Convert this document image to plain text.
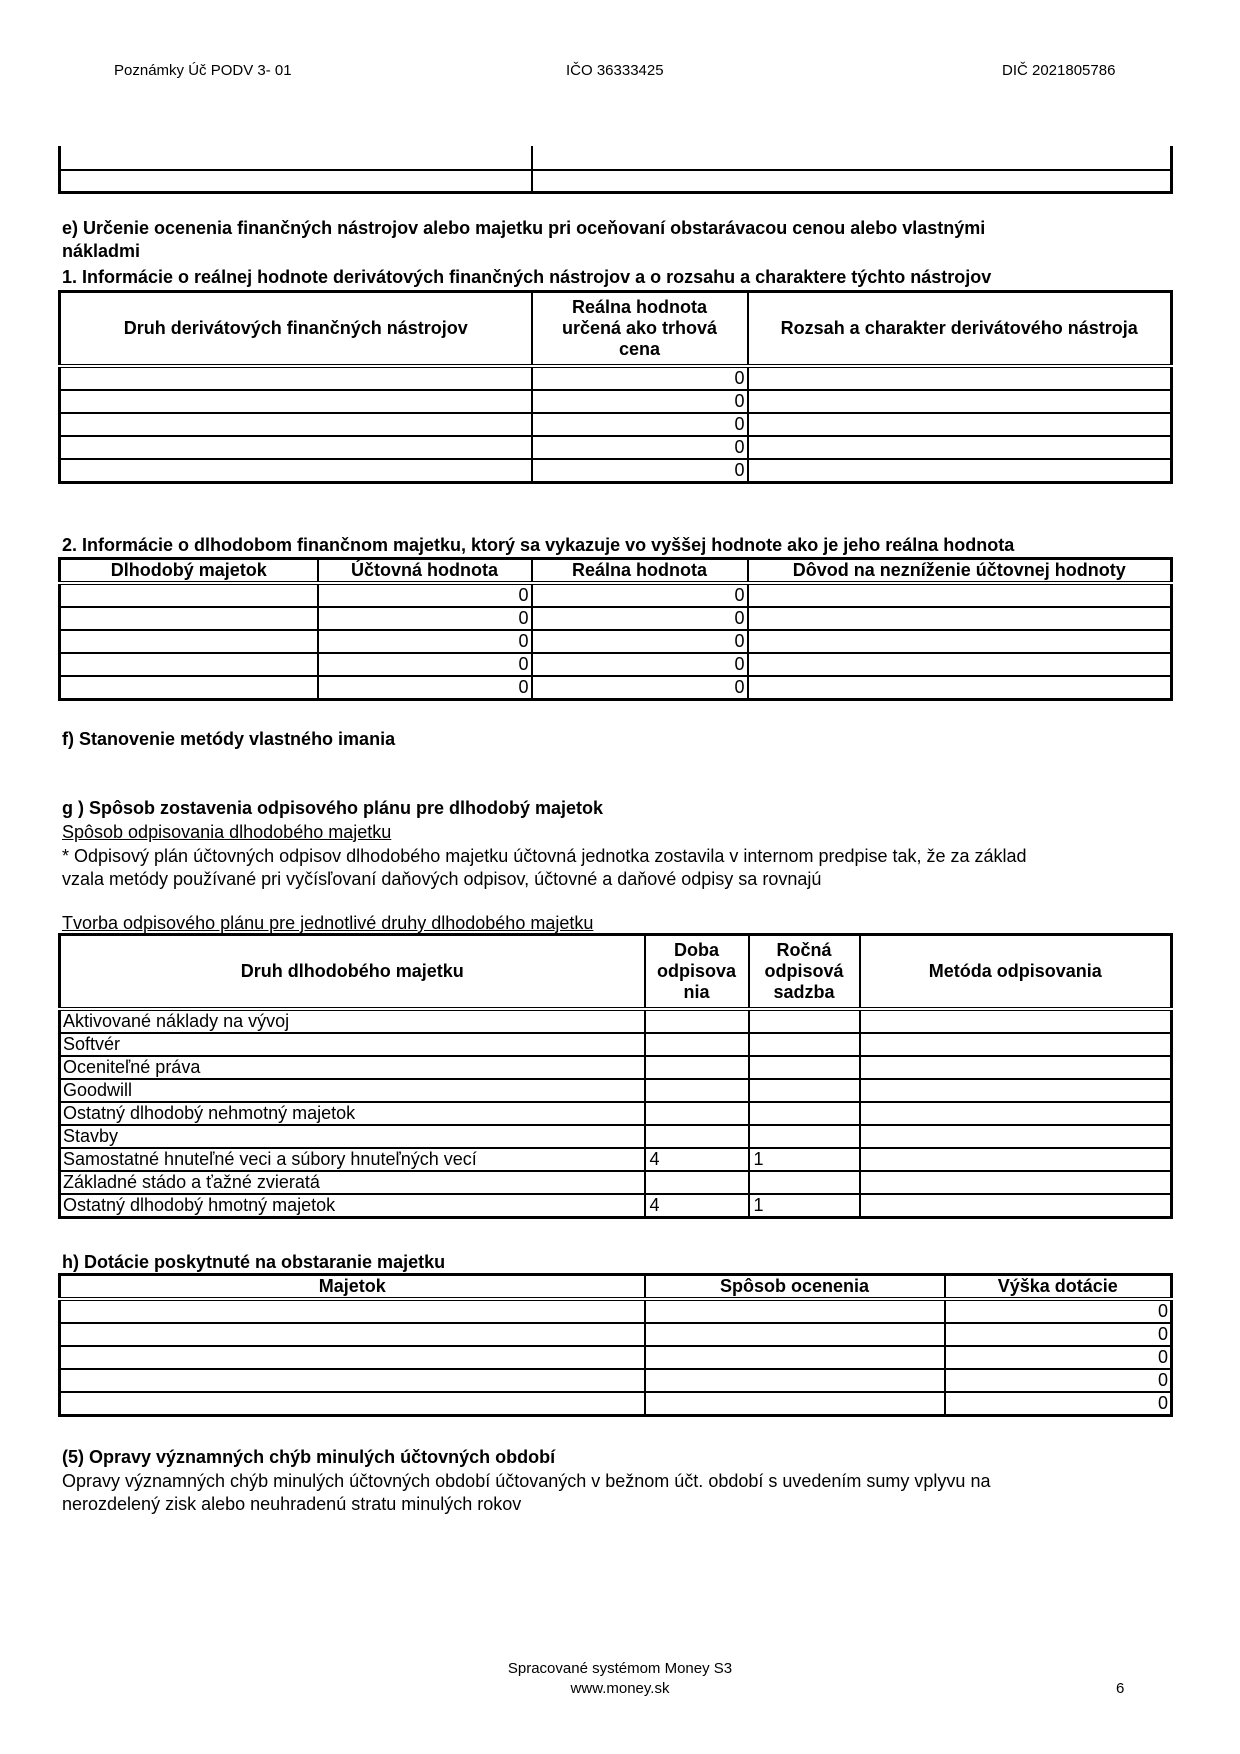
Poznámky Úč PODV 3- 01	IČO 36333425	DIČ 2021805786

e) Určenie ocenenia finančných nástrojov alebo majetku pri oceňovaní obstarávacou cenou alebo vlastnými
nákladmi
1. Informácie o reálnej hodnote derivátových finančných nástrojov a o rozsahu a charaktere týchto nástrojov
Druh derivátových finančných nástrojov	Reálna hodnota určená ako trhová cena	Rozsah a charakter derivátového nástroja
	0	
	0	
	0	
	0	
	0	
2. Informácie o dlhodobom finančnom majetku, ktorý sa vykazuje vo vyššej hodnote ako je jeho reálna hodnota
Dlhodobý majetok	Účtovná hodnota	Reálna hodnota	Dôvod na nezníženie účtovnej hodnoty
	0	0	
	0	0	
	0	0	
	0	0	
	0	0	
f) Stanovenie metódy vlastného imania
g ) Spôsob zostavenia odpisového plánu pre dlhodobý majetok
Spôsob odpisovania dlhodobého majetku
* Odpisový plán účtovných odpisov dlhodobého majetku účtovná jednotka zostavila v internom predpise tak, že za základ
vzala metódy používané pri vyčísľovaní daňových odpisov, účtovné a daňové odpisy sa rovnajú
Tvorba odpisového plánu pre jednotlivé druhy dlhodobého majetku
Druh dlhodobého majetku	Doba odpisova nia	Ročná odpisová sadzba	Metóda odpisovania
Aktivované náklady na vývoj			
Softvér			
Oceniteľné práva			
Goodwill			
Ostatný dlhodobý nehmotný majetok			
Stavby			
Samostatné hnuteľné veci a súbory hnuteľných vecí	4	1	
Základné stádo a ťažné zvieratá			
Ostatný dlhodobý hmotný majetok	4	1	
h) Dotácie poskytnuté na obstaranie majetku
Majetok	Spôsob ocenenia	Výška dotácie
		0
		0
		0
		0
		0
(5) Opravy významných chýb minulých účtovných období
Opravy významných chýb minulých účtovných období účtovaných v bežnom účt. období s uvedením sumy vplyvu na
nerozdelený zisk alebo neuhradenú stratu minulých rokov
Spracované systémom Money S3
www.money.sk	6
